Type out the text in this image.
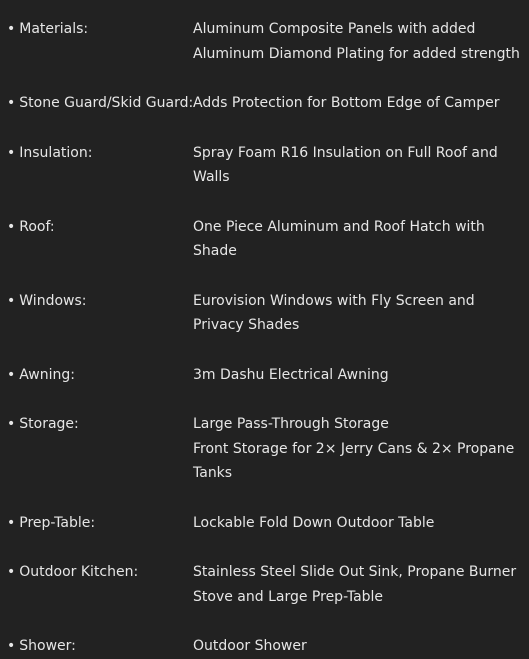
• Materials:	Aluminum Composite Panels with added Aluminum Diamond Plating for added strength
• Stone Guard/Skid Guard: Adds Protection for Bottom Edge of Camper
• Insulation:	Spray Foam R16 Insulation on Full Roof and Walls
• Roof:	One Piece Aluminum and Roof Hatch with Shade
• Windows:	Eurovision Windows with Fly Screen and Privacy Shades
• Awning:	3m Dashu Electrical Awning
• Storage:	Large Pass-Through Storage
Front Storage for 2× Jerry Cans & 2× Propane Tanks
• Prep-Table:	Lockable Fold Down Outdoor Table
• Outdoor Kitchen:	Stainless Steel Slide Out Sink, Propane Burner Stove and Large Prep-Table
• Shower:	Outdoor Shower
